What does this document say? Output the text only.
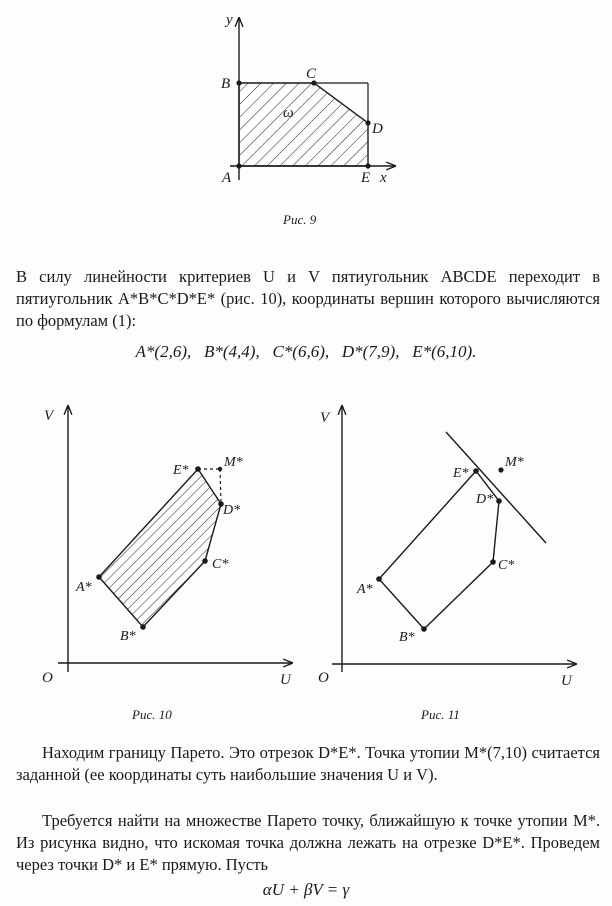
y
B
C
ω
D
A	E x
Рис. 9
В силу линейности критериев U и V пятиугольник ABCDE переходит в пятиугольник A*B*C*D*E* (рис. 10), координаты вершин которого вычисляются по формулам (1):
A*(2,6),   B*(4,4),   C*(6,6),   D*(7,9),   E*(6,10).
V
E*
M*
D*
C*
A*
B*
O	U
Рис. 10
V
E*
M*
D*
C*
A*
B*
O	U
Рис. 11
Находим границу Парето. Это отрезок D*E*. Точка утопии M*(7,10) считается заданной (ее координаты суть наибольшие значения U и V).
Требуется найти на множестве Парето точку, ближайшую к точке утопии M*. Из рисунка видно, что искомая точка должна лежать на отрезке D*E*. Проведем через точки D* и E* прямую. Пусть
αU + βV = γ
